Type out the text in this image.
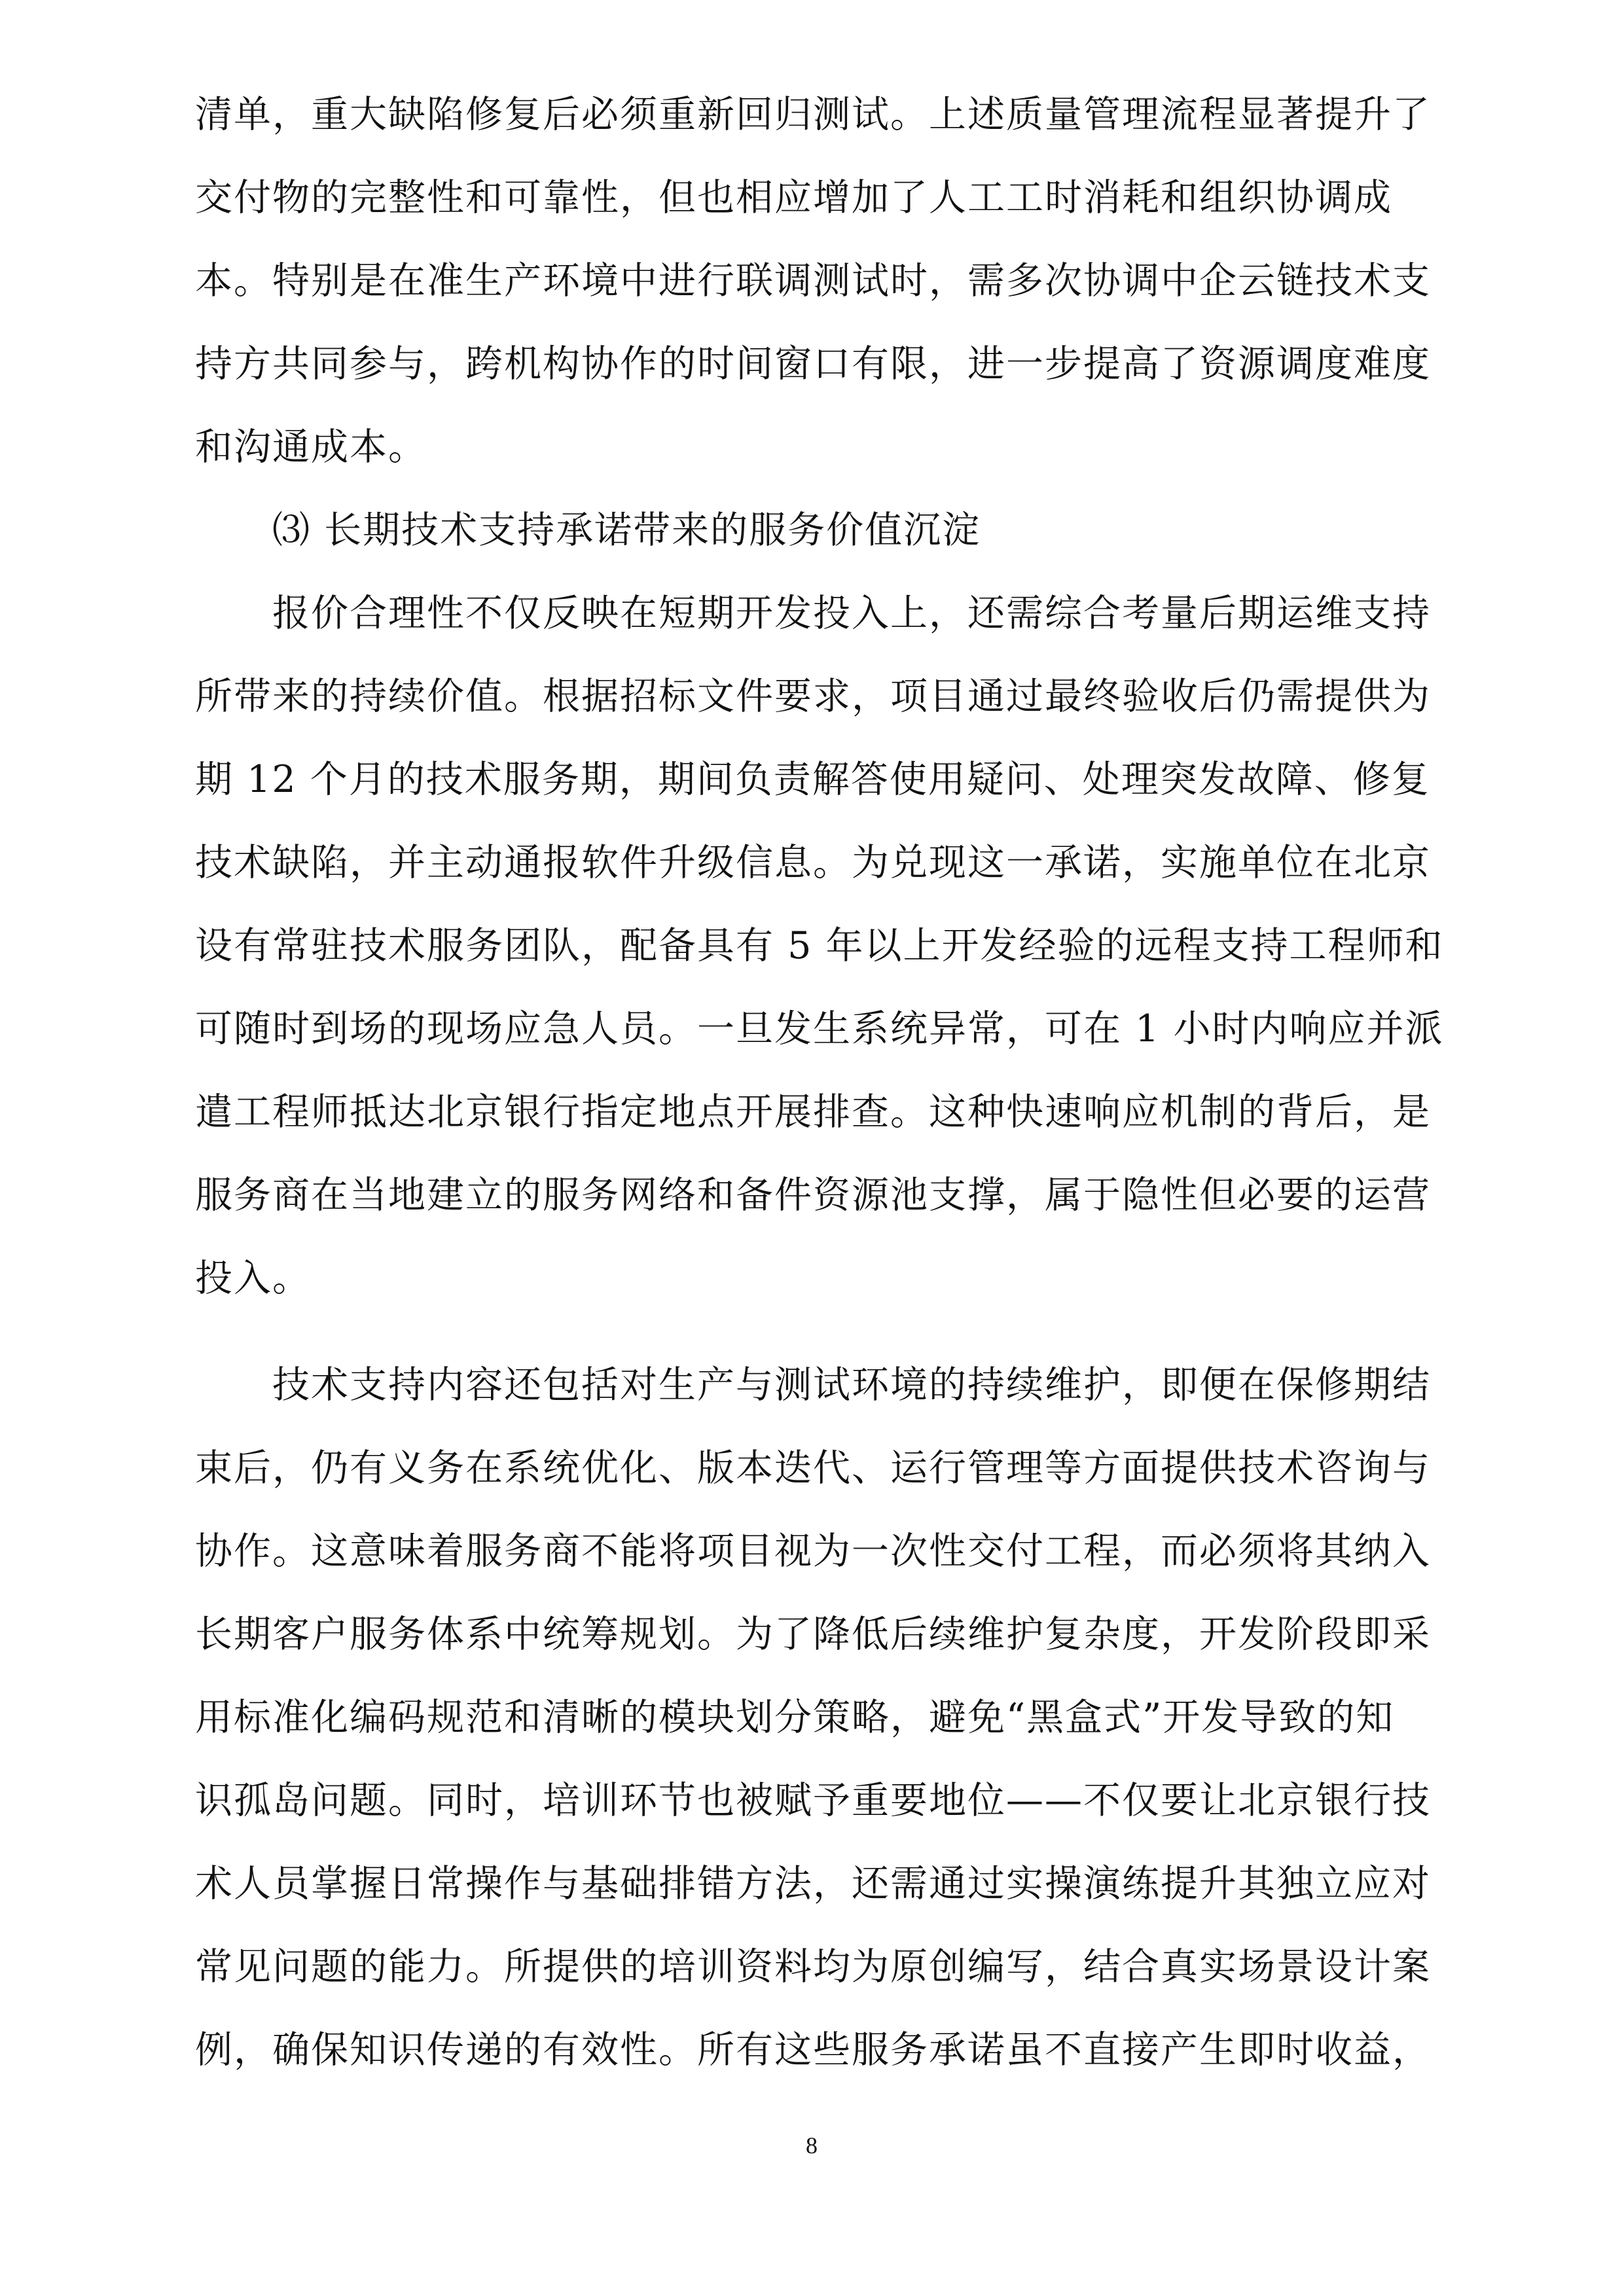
清单，重大缺陷修复后必须重新回归测试。上述质量管理流程显著提升了
交付物的完整性和可靠性，但也相应增加了人工工时消耗和组织协调成
本。特别是在准生产环境中进行联调测试时，需多次协调中企云链技术支
持方共同参与，跨机构协作的时间窗口有限，进一步提高了资源调度难度
和沟通成本。
⑶ 长期技术支持承诺带来的服务价值沉淀
报价合理性不仅反映在短期开发投入上，还需综合考量后期运维支持
所带来的持续价值。根据招标文件要求，项目通过最终验收后仍需提供为
期 12 个月的技术服务期，期间负责解答使用疑问、处理突发故障、修复
技术缺陷，并主动通报软件升级信息。为兑现这一承诺，实施单位在北京
设有常驻技术服务团队，配备具有 5 年以上开发经验的远程支持工程师和
可随时到场的现场应急人员。一旦发生系统异常，可在 1 小时内响应并派
遣工程师抵达北京银行指定地点开展排查。这种快速响应机制的背后，是
服务商在当地建立的服务网络和备件资源池支撑，属于隐性但必要的运营
投入。
技术支持内容还包括对生产与测试环境的持续维护，即便在保修期结
束后，仍有义务在系统优化、版本迭代、运行管理等方面提供技术咨询与
协作。这意味着服务商不能将项目视为一次性交付工程，而必须将其纳入
长期客户服务体系中统筹规划。为了降低后续维护复杂度，开发阶段即采
用标准化编码规范和清晰的模块划分策略，避免“黑盒式”开发导致的知
识孤岛问题。同时，培训环节也被赋予重要地位——不仅要让北京银行技
术人员掌握日常操作与基础排错方法，还需通过实操演练提升其独立应对
常见问题的能力。所提供的培训资料均为原创编写，结合真实场景设计案
例，确保知识传递的有效性。所有这些服务承诺虽不直接产生即时收益，
8
